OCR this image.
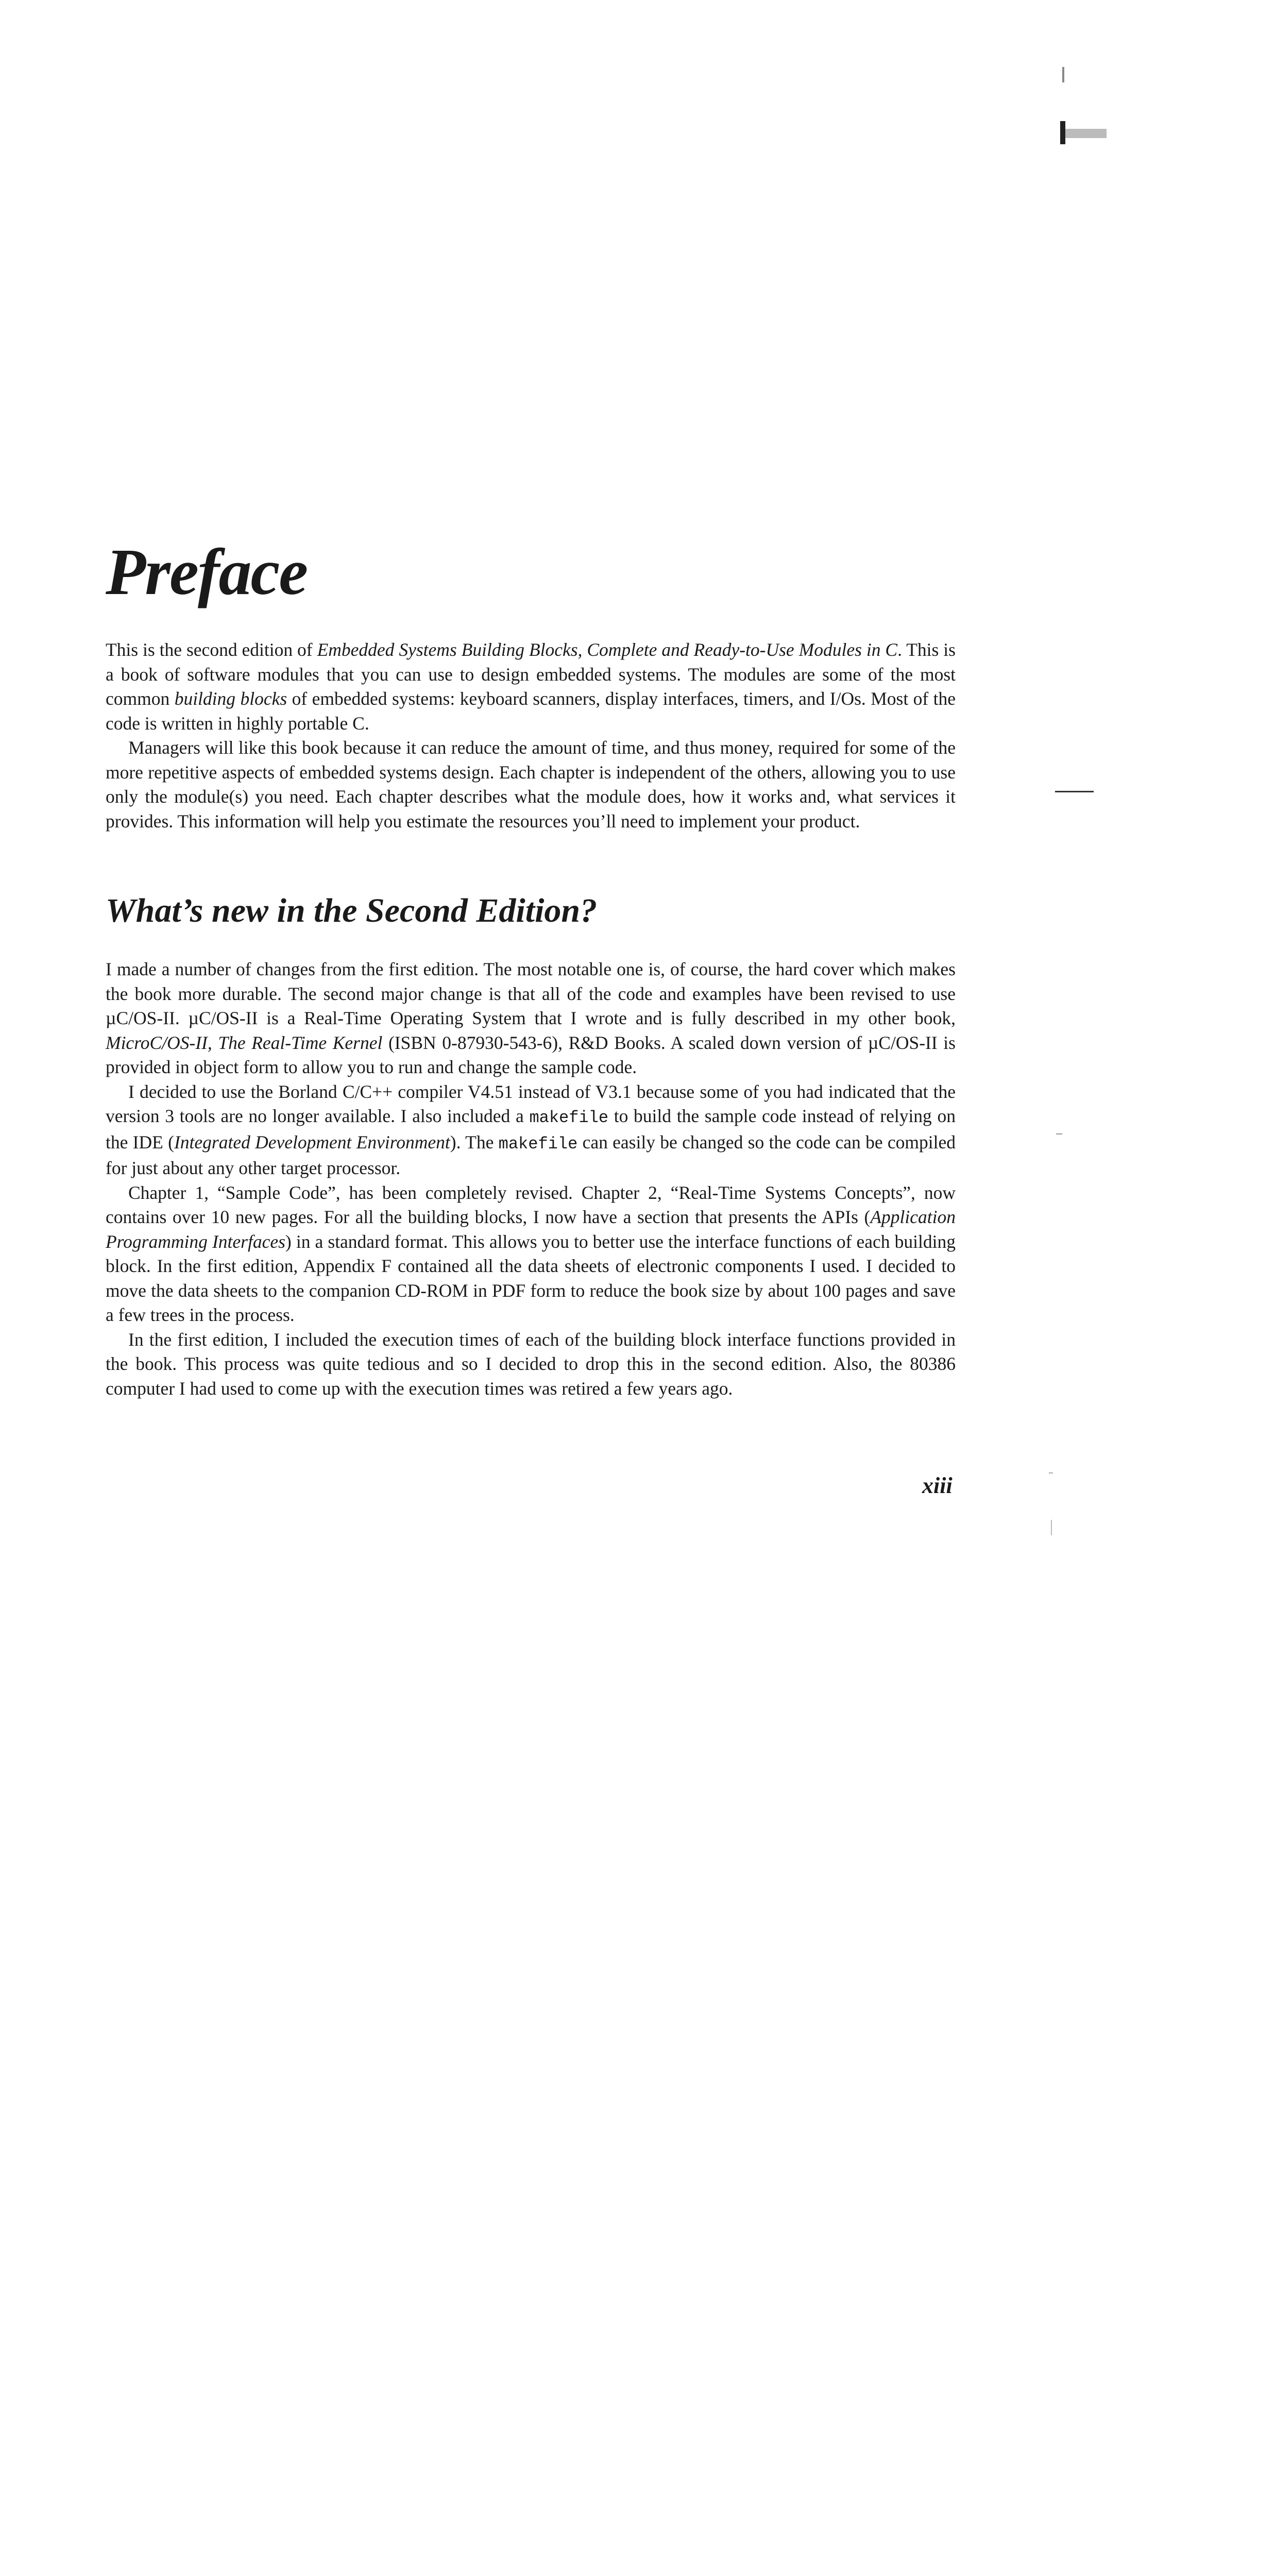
Preface

This is the second edition of Embedded Systems Building Blocks, Complete and Ready-to-Use Modules in C. This is a book of software modules that you can use to design embedded systems. The modules are some of the most common building blocks of embedded systems: keyboard scanners, display interfaces, timers, and I/Os. Most of the code is written in highly portable C.

Managers will like this book because it can reduce the amount of time, and thus money, required for some of the more repetitive aspects of embedded systems design. Each chapter is independent of the others, allowing you to use only the module(s) you need. Each chapter describes what the module does, how it works and, what services it provides. This information will help you estimate the resources you’ll need to implement your product.

What’s new in the Second Edition?

I made a number of changes from the first edition. The most notable one is, of course, the hard cover which makes the book more durable. The second major change is that all of the code and examples have been revised to use µC/OS-II. µC/OS-II is a Real-Time Operating System that I wrote and is fully described in my other book, MicroC/OS-II, The Real-Time Kernel (ISBN 0-87930-543-6), R&D Books. A scaled down version of µC/OS-II is provided in object form to allow you to run and change the sample code.

I decided to use the Borland C/C++ compiler V4.51 instead of V3.1 because some of you had indicated that the version 3 tools are no longer available. I also included a makefile to build the sample code instead of relying on the IDE (Integrated Development Environment). The makefile can easily be changed so the code can be compiled for just about any other target processor.

Chapter 1, “Sample Code”, has been completely revised. Chapter 2, “Real-Time Systems Concepts”, now contains over 10 new pages. For all the building blocks, I now have a section that presents the APIs (Application Programming Interfaces) in a standard format. This allows you to better use the interface functions of each building block. In the first edition, Appendix F contained all the data sheets of electronic components I used. I decided to move the data sheets to the companion CD-ROM in PDF form to reduce the book size by about 100 pages and save a few trees in the process.

In the first edition, I included the execution times of each of the building block interface functions provided in the book. This process was quite tedious and so I decided to drop this in the second edition. Also, the 80386 computer I had used to come up with the execution times was retired a few years ago.

xiii
